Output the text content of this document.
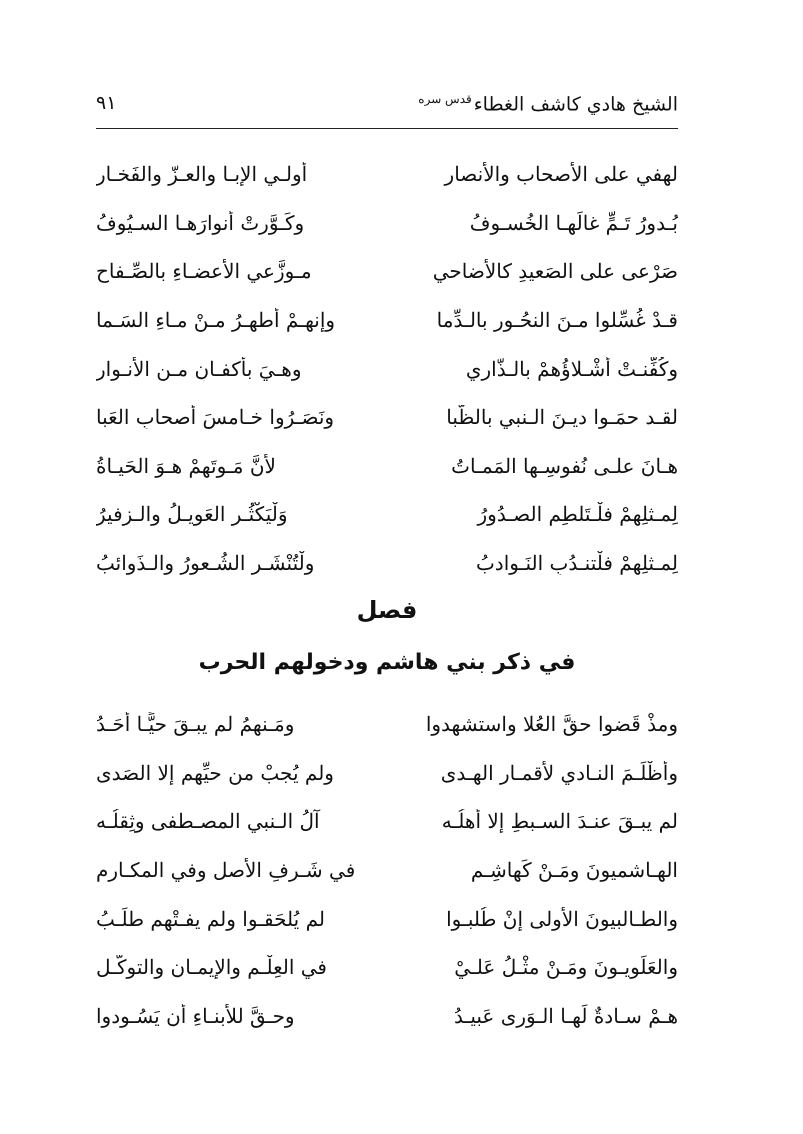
الشيخ هادي كاشف الغطاء$^{قدس سره}$
٩١
لهفي على الأصحاب والأنصار
أُولـي الإبـا والعـزّ والفَخـار
بُـدورُ تَـمٍّ غالَهـا الخُسـوفُ
وكَـوَّرتْ أنوارَهـا السـيُوفُ
صَرْعى على الصَعيدِ كالأضاحي
مـوزَّعي الأعضـاءِ بالصِّـفاحِ
قـدْ غُسِّلوا مـنَ النحُـورِ بالـدِّما
وإنهـمْ أطهـرُ مـنْ مـاءِ السَـما
وكُفِّنـتْ أشْـلاؤُهمْ بالـذّاري
وهـيَ بأكفـانٍ مـن الأنـوارِ
لقـد حمَـوا ديـنَ الـنبي بالظُّبا
ونَصَـرُوا خـامسَ أصحابِ العَبا
هـانَ علـى نُفوسِـها المَمـاتُ
لأنَّ مَـوتَهمْ هـوَ الحَيـاةُ
لِمـثلِهمْ فلْـتَلطِمِ الصـدُورُ
وَلْيَكْثُـرِ العَويـلُ والـزفيرُ
لِمـثلِهمْ فلْتنـدُبِ النَـوادبُ
ولْتُنْشَـرِ الشُـعورُ والـذَوائبُ
فصل
في ذكر بني هاشم ودخولهم الحرب
ومذْ قَضوا حقَّ العُلا واستشهدوا
ومَـنهمُ لم يبـقَ حيًّـا أحَـدُ
وأظْلَـمَ النـادي لأقمـارِ الهـدى
ولم يُجبْ من حيِّهم إلا الصَدى
لم يبـقَ عنـدَ السـبطِ إلا أهلُـه
آلُ الـنبي المصـطفى وثِقلُـه
الهـاشميونَ ومَـنْ كَهاشِـمِ
في شَـرفِ الأصلِ وفي المكـارمِ
والطـالبيونَ الأُولى إنْ طُلبـوا
لم يُلحَقـوا ولم يفـتْهم طلَـبُ
والعَلَويـونَ ومَـنْ مثْـلُ عَلـيْ
في العِلْـمِ والإيمـانِ والتوكُّـلِ
هـمْ سـادةٌ لَهـا الـوَرى عَبيـدُ
وحـقَّ للأبنـاءِ أن يَسُـودوا
